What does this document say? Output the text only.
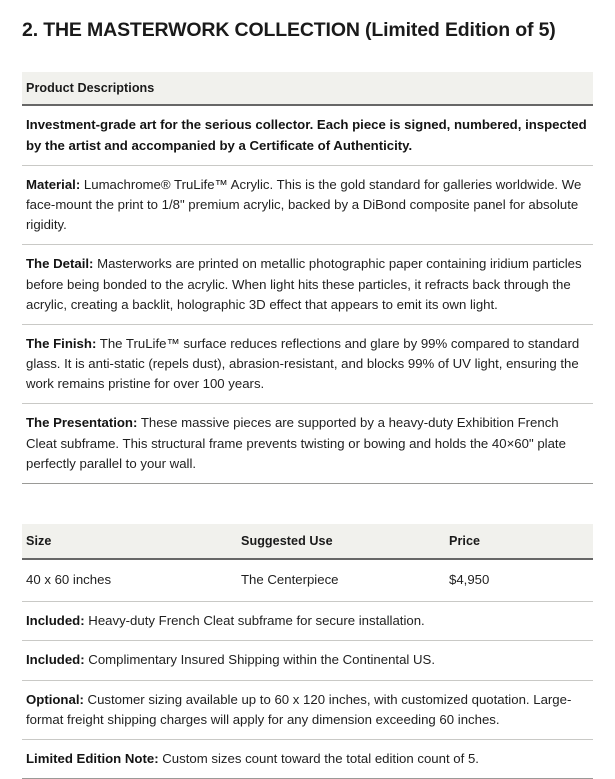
2. THE MASTERWORK COLLECTION (Limited Edition of 5)
Product Descriptions
Investment-grade art for the serious collector. Each piece is signed, numbered, inspected by the artist and accompanied by a Certificate of Authenticity.
Material: Lumachrome® TruLife™ Acrylic. This is the gold standard for galleries worldwide. We face-mount the print to 1/8" premium acrylic, backed by a DiBond composite panel for absolute rigidity.
The Detail: Masterworks are printed on metallic photographic paper containing iridium particles before being bonded to the acrylic. When light hits these particles, it refracts back through the acrylic, creating a backlit, holographic 3D effect that appears to emit its own light.
The Finish: The TruLife™ surface reduces reflections and glare by 99% compared to standard glass. It is anti-static (repels dust), abrasion-resistant, and blocks 99% of UV light, ensuring the work remains pristine for over 100 years.
The Presentation: These massive pieces are supported by a heavy-duty Exhibition French Cleat subframe. This structural frame prevents twisting or bowing and holds the 40×60" plate perfectly parallel to your wall.
Size	Suggested Use	Price
40 x 60 inches	The Centerpiece	$4,950
Included: Heavy-duty French Cleat subframe for secure installation.		
Included: Complimentary Insured Shipping within the Continental US.		
Optional: Customer sizing available up to 60 x 120 inches, with customized quotation. Large-format freight shipping charges will apply for any dimension exceeding 60 inches.		
Limited Edition Note: Custom sizes count toward the total edition count of 5.		
